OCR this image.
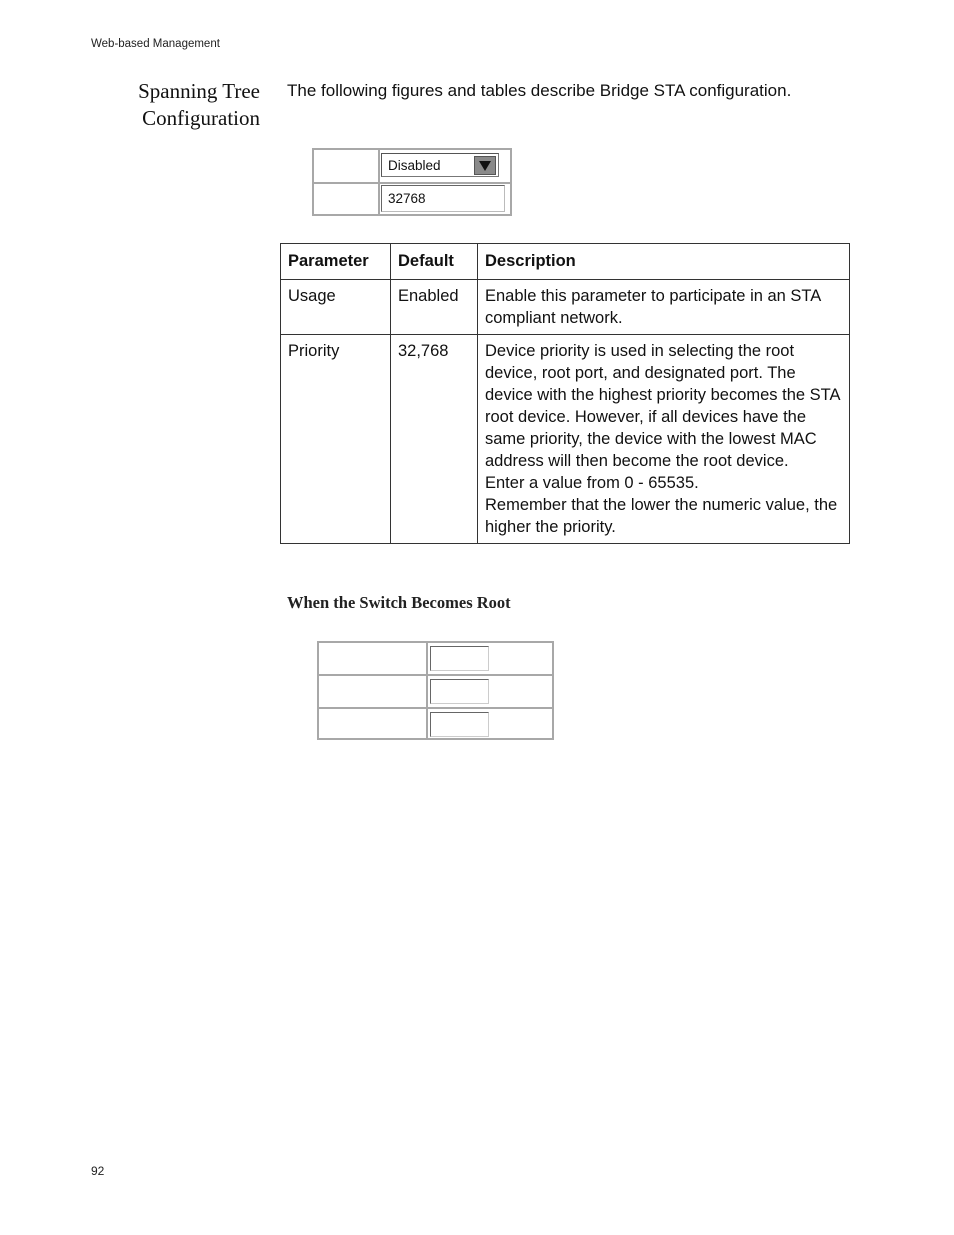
Web-based Management
Spanning Tree
Configuration
The following figures and tables describe Bridge STA configuration.
Disabled
32768
Parameter	Default	Description
Usage	Enabled	Enable this parameter to participate in an STA compliant network.

Priority	32,768	Device priority is used in selecting the root device, root port, and designated port. The device with the highest priority becomes the STA root device. However, if all devices have the same priority, the device with the lowest MAC address will then become the root device.
Enter a value from 0 - 65535.
Remember that the lower the numeric value, the higher the priority.
When the Switch Becomes Root
92
